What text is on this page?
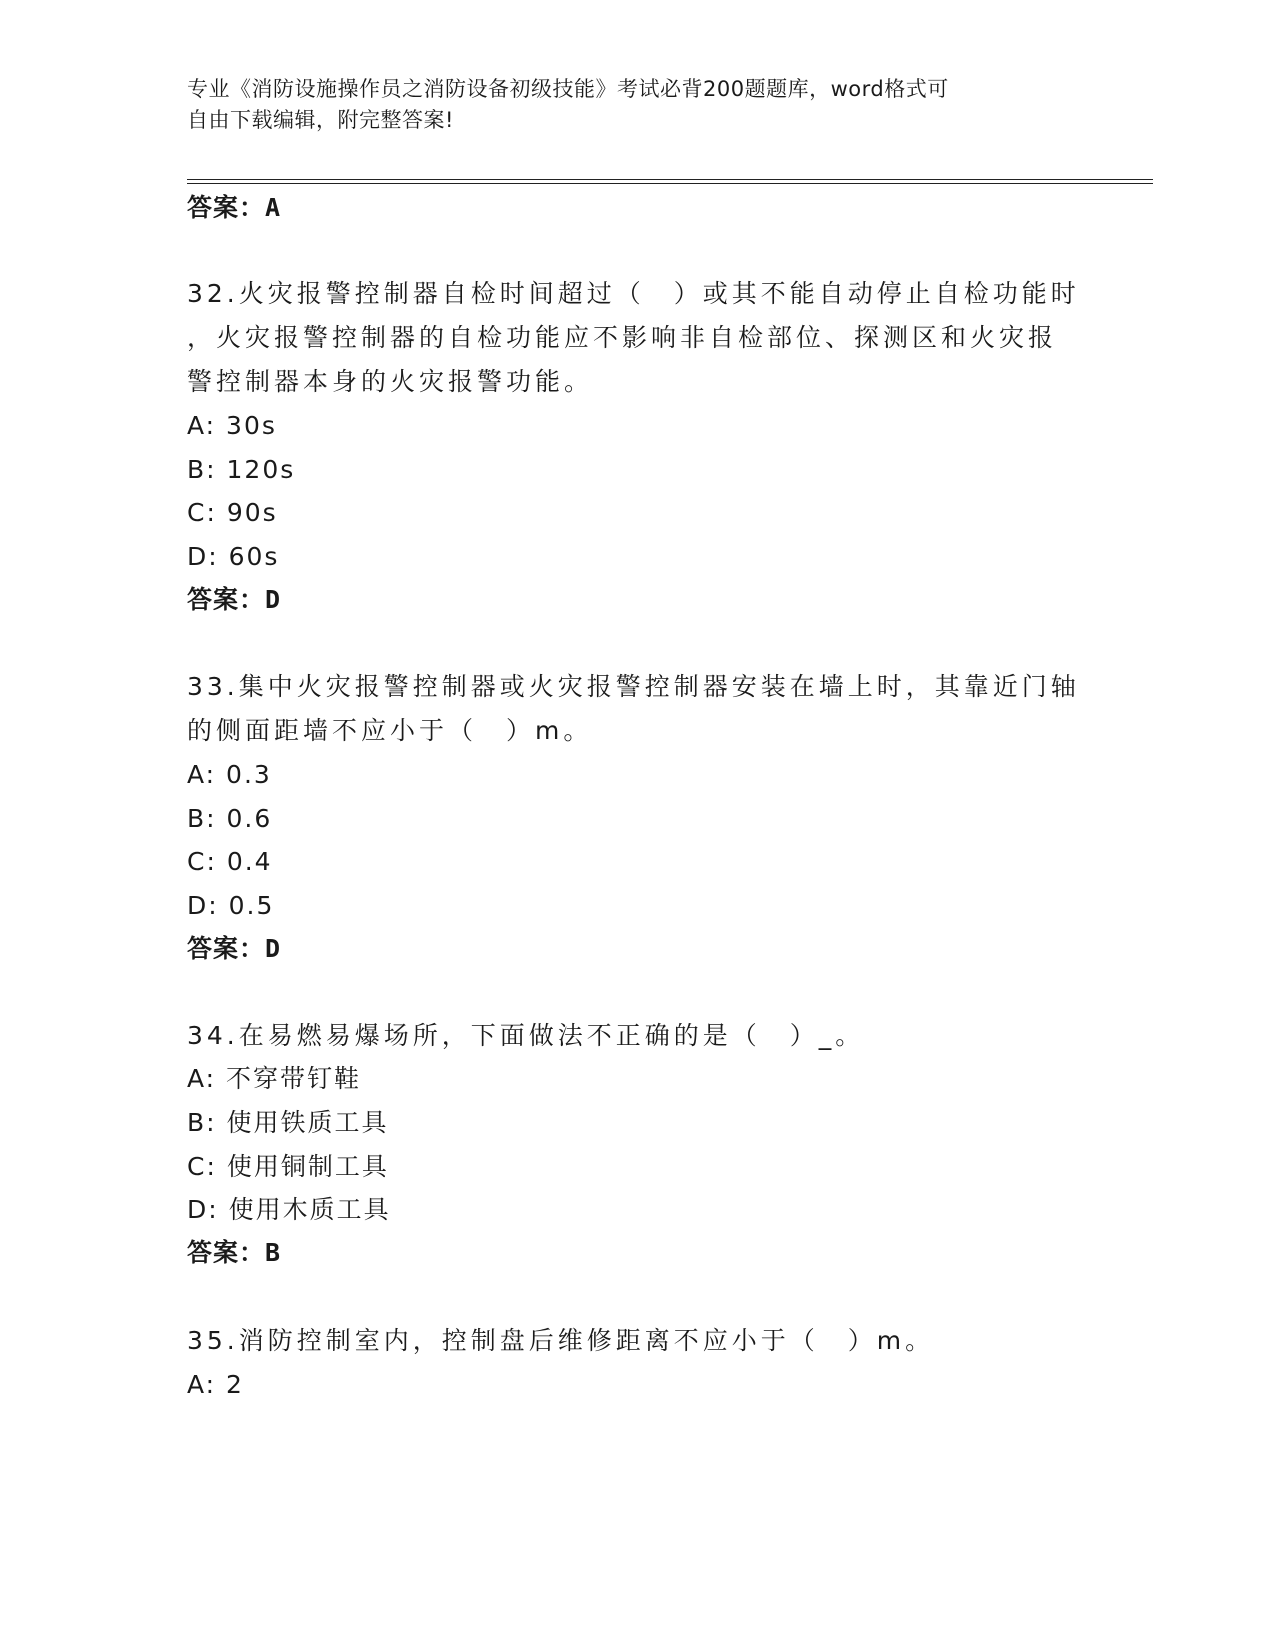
专业《消防设施操作员之消防设备初级技能》考试必背200题题库，word格式可
自由下载编辑，附完整答案!
答案：A
32.火灾报警控制器自检时间超过（　）或其不能自动停止自检功能时
，火灾报警控制器的自检功能应不影响非自检部位、探测区和火灾报
警控制器本身的火灾报警功能。
A: 30s
B: 120s
C: 90s
D: 60s
答案：D
33.集中火灾报警控制器或火灾报警控制器安装在墙上时，其靠近门轴
的侧面距墙不应小于（　）m。
A: 0.3
B: 0.6
C: 0.4
D: 0.5
答案：D
34.在易燃易爆场所，下面做法不正确的是（　）_。
A: 不穿带钉鞋
B: 使用铁质工具
C: 使用铜制工具
D: 使用木质工具
答案：B
35.消防控制室内，控制盘后维修距离不应小于（　）m。
A: 2
